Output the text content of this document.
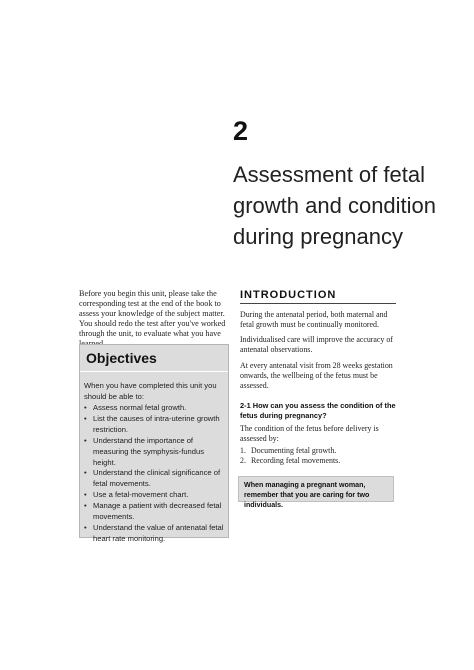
2
Assessment of fetal growth and condition during pregnancy
Before you begin this unit, please take the corresponding test at the end of the book to assess your knowledge of the subject matter. You should redo the test after you've worked through the unit, to evaluate what you have
Objectives
When you have completed this unit you should be able to:
• Assess normal fetal growth.
• List the causes of intra-uterine growth restriction.
• Understand the importance of measuring the symphysis-fundus height.
• Understand the clinical significance of fetal movements.
• Use a fetal-movement chart.
• Manage a patient with decreased fetal movements.
• Understand the value of antenatal fetal heart rate monitoring.
INTRODUCTION
During the antenatal period, both maternal and fetal growth must be continually monitored.
Individualised care will improve the accuracy of antenatal observations.
At every antenatal visit from 28 weeks gestation onwards, the wellbeing of the fetus must be assessed.
2-1 How can you assess the condition of the fetus during pregnancy?
The condition of the fetus before delivery is assessed by:
1. Documenting fetal growth.
2. Recording fetal movements.
When managing a pregnant woman, remember that you are caring for two individuals.
